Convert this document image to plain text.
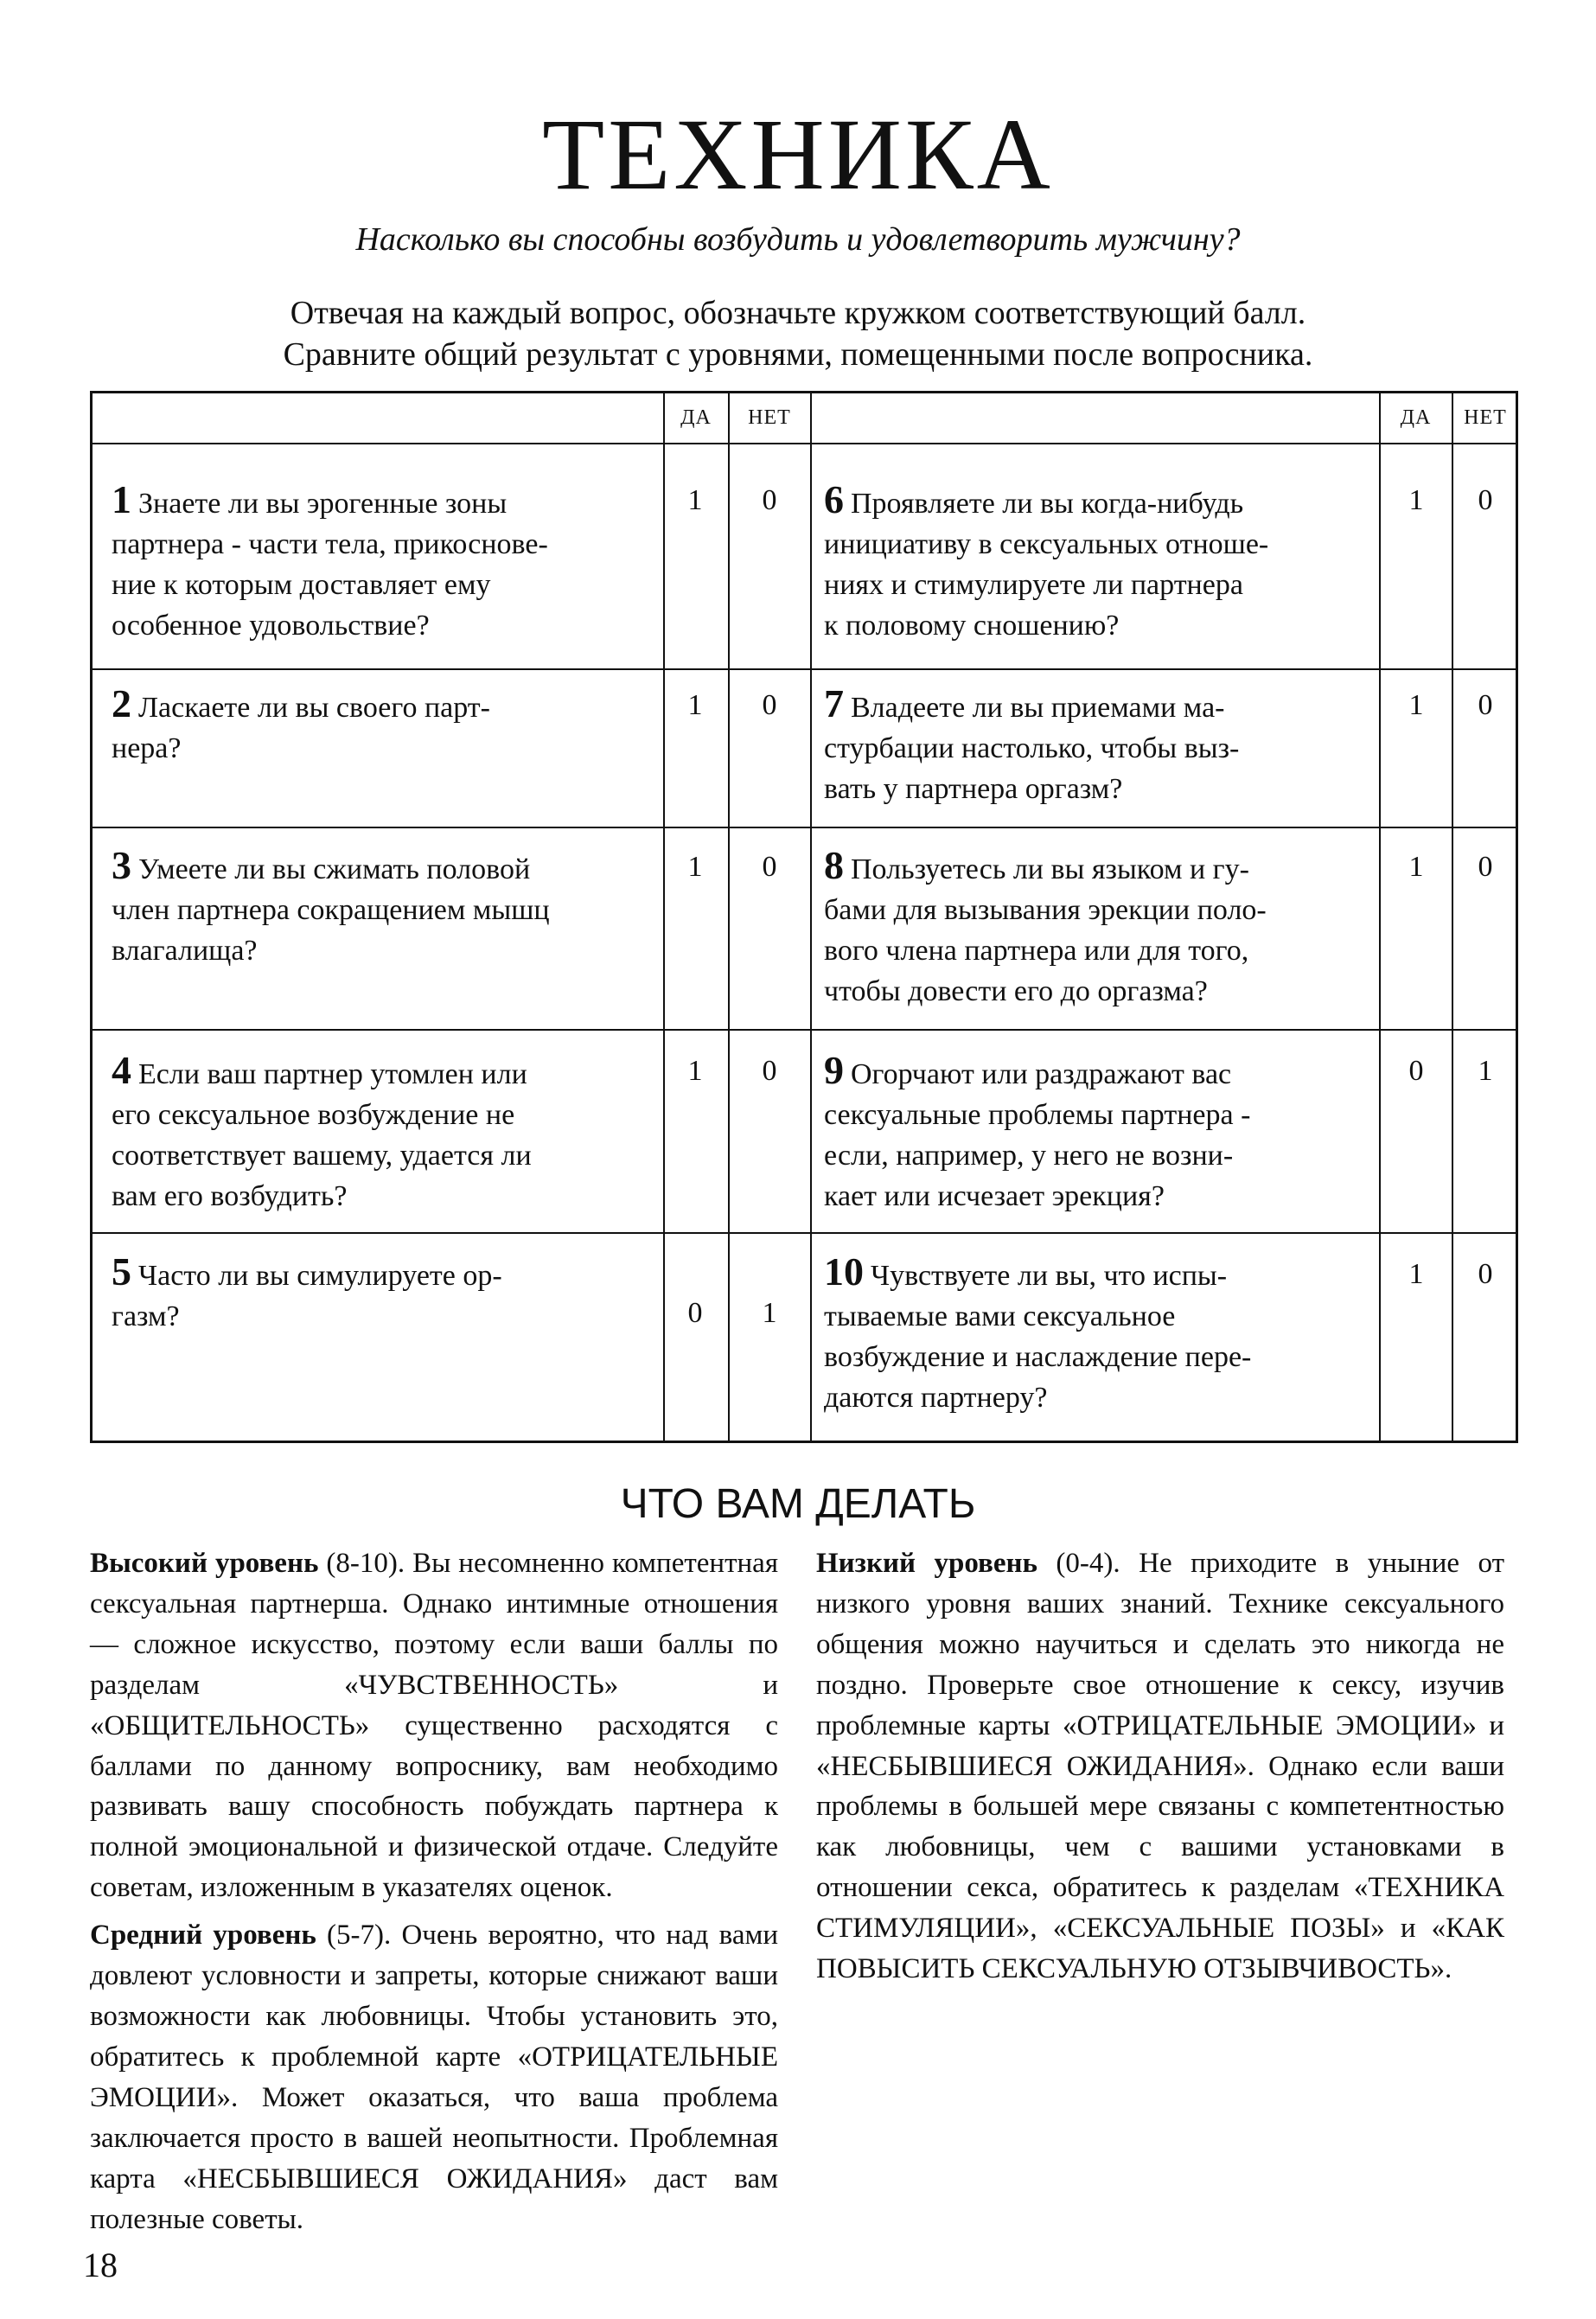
ТЕХНИКА
Насколько вы способны возбудить и удовлетворить мужчину?
Отвечая на каждый вопрос, обозначьте кружком соответствующий балл.
Сравните общий результат с уровнями, помещенными после вопросника.
ДА	НЕТ	ДА	НЕТ
1 Знаете ли вы эрогенные зоны
партнера - части тела, прикоснове-
ние к которым доставляет ему
особенное удовольствие?
1	0
2 Ласкаете ли вы своего парт-
нера?
1	0
3 Умеете ли вы сжимать половой
член партнера сокращением мышц
влагалища?
1	0
4 Если ваш партнер утомлен или
его сексуальное возбуждение не
соответствует вашему, удается ли
вам его возбудить?
1	0
5 Часто ли вы симулируете ор-
газм?	0	1
6 Проявляете ли вы когда-нибудь
инициативу в сексуальных отноше-
ниях и стимулируете ли партнера
к половому сношению?
1	0
7 Владеете ли вы приемами ма-
стурбации настолько, чтобы выз-
вать у партнера оргазм?
1	0
8 Пользуетесь ли вы языком и гу-
бами для вызывания эрекции поло-
вого члена партнера или для того,
чтобы довести его до оргазма?
1	0
9 Огорчают или раздражают вас
сексуальные проблемы партнера -
если, например, у него не возни-
кает или исчезает эрекция?
0	1
10 Чувствуете ли вы, что испы-
тываемые вами сексуальное
возбуждение и наслаждение пере-
даются партнеру?
1	0
ЧТО ВАМ ДЕЛАТЬ

Высокий уровень (8-10). Вы несомненно компетентная сексуальная партнерша. Однако интимные отношения — сложное искусство, поэтому если ваши баллы по разделам «ЧУВСТВЕННОСТЬ» и «ОБЩИТЕЛЬНОСТЬ» существенно расходятся с баллами по данному вопроснику, вам необходимо развивать вашу способность побуждать партнера к полной эмоциональной и физической отдаче. Следуйте советам, изложенным в указателях оценок.

Средний уровень (5-7). Очень вероятно, что над вами довлеют условности и запреты, которые снижают ваши возможности как любовницы. Чтобы установить это, обратитесь к проблемной карте «ОТРИЦАТЕЛЬНЫЕ ЭМОЦИИ». Может оказаться, что ваша проблема заключается просто в вашей неопытности. Проблемная карта «НЕСБЫВШИЕСЯ ОЖИДАНИЯ» даст вам полезные советы.

Низкий уровень (0-4). Не приходите в уныние от низкого уровня ваших знаний. Технике сексуального общения можно научиться и сделать это никогда не поздно. Проверьте свое отношение к сексу, изучив проблемные карты «ОТРИЦАТЕЛЬНЫЕ ЭМОЦИИ» и «НЕСБЫВШИЕСЯ ОЖИДАНИЯ». Однако если ваши проблемы в большей мере связаны с компетентностью как любовницы, чем с вашими установками в отношении секса, обратитесь к разделам «ТЕХНИКА СТИМУЛЯЦИИ», «СЕКСУАЛЬНЫЕ ПОЗЫ» и «КАК ПОВЫСИТЬ СЕКСУАЛЬНУЮ ОТЗЫВЧИВОСТЬ».

18
